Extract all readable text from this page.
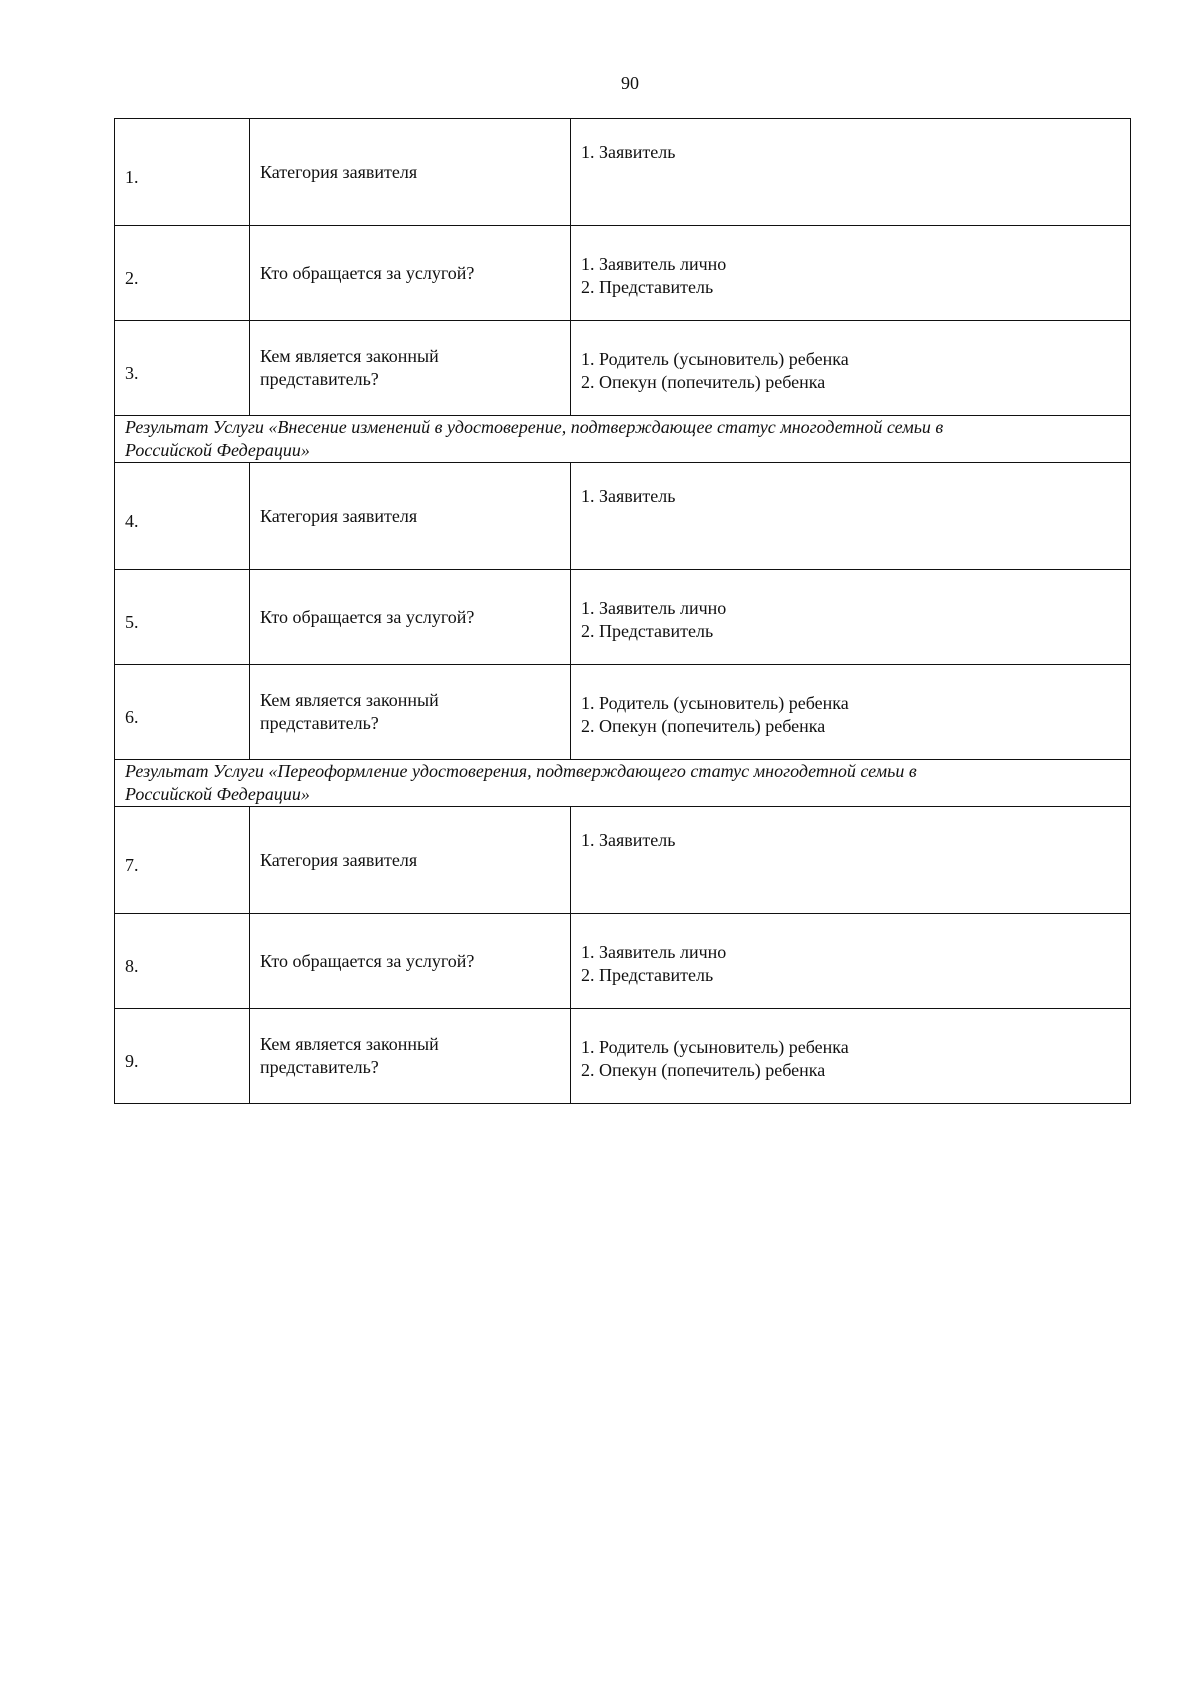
90
1.	Категория заявителя	1. Заявитель

2.	Кто обращается за услугой?	1. Заявитель лично
2. Представитель

3.	Кем является законный
представитель?	1. Родитель (усыновитель) ребенка
2. Опекун (попечитель) ребенка

Результат Услуги «Внесение изменений в удостоверение, подтверждающее статус многодетной семьи в
Российской Федерации»		

4.	Категория заявителя	1. Заявитель

5.	Кто обращается за услугой?	1. Заявитель лично
2. Представитель

6.	Кем является законный
представитель?	1. Родитель (усыновитель) ребенка
2. Опекун (попечитель) ребенка

Результат Услуги «Переоформление удостоверения, подтверждающего статус многодетной семьи в
Российской Федерации»		

7.	Категория заявителя	1. Заявитель

8.	Кто обращается за услугой?	1. Заявитель лично
2. Представитель

9.	Кем является законный
представитель?	1. Родитель (усыновитель) ребенка
2. Опекун (попечитель) ребенка
